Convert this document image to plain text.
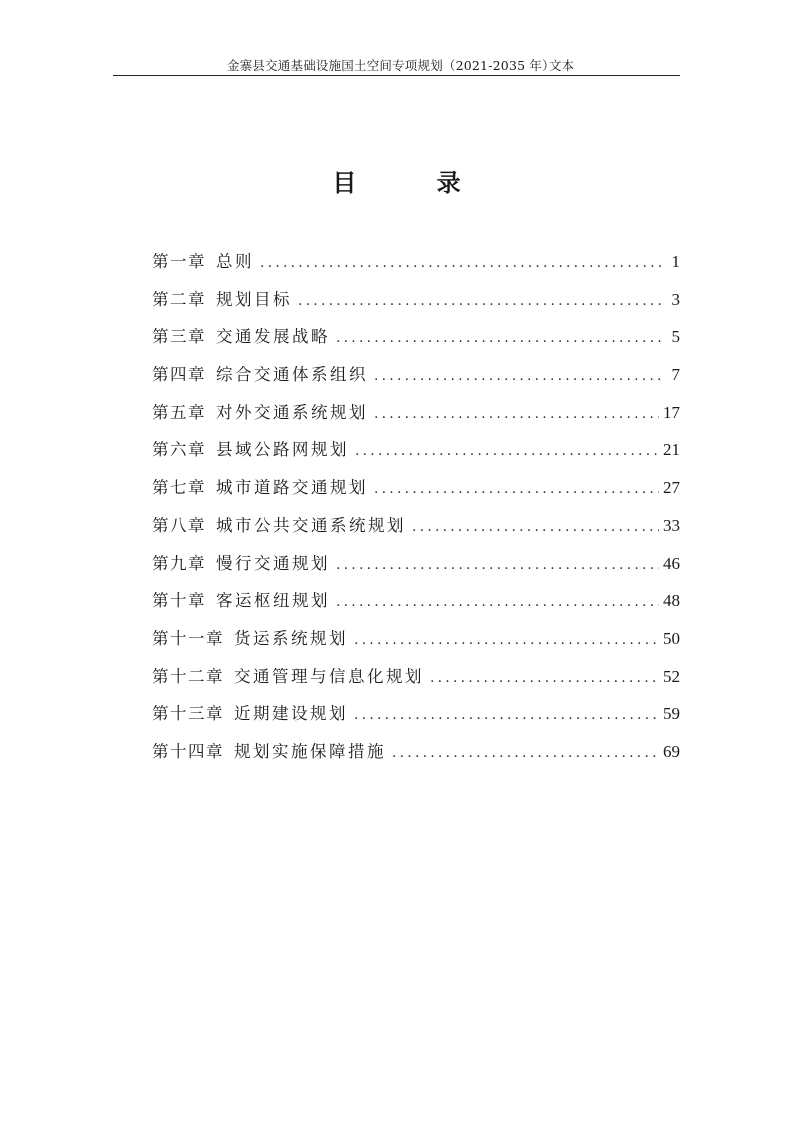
金寨县交通基础设施国土空间专项规划（2021-2035 年）
文本
目 录
第一章 总则 .....	1
第二章 规划目标 .....	3
第三章 交通发展战略 .....	5
第四章 综合交通体系组织 .....	7
第五章 对外交通系统规划 .....	17
第六章 县域公路网规划 .....	21
第七章 城市道路交通规划 .....	27
第八章 城市公共交通系统规划 .....	33
第九章 慢行交通规划 .....	46
第十章 客运枢纽规划 .....	48
第十一章 货运系统规划 .....	50
第十二章 交通管理与信息化规划 .....	52
第十三章 近期建设规划 .....	59
第十四章 规划实施保障措施 .....	69
